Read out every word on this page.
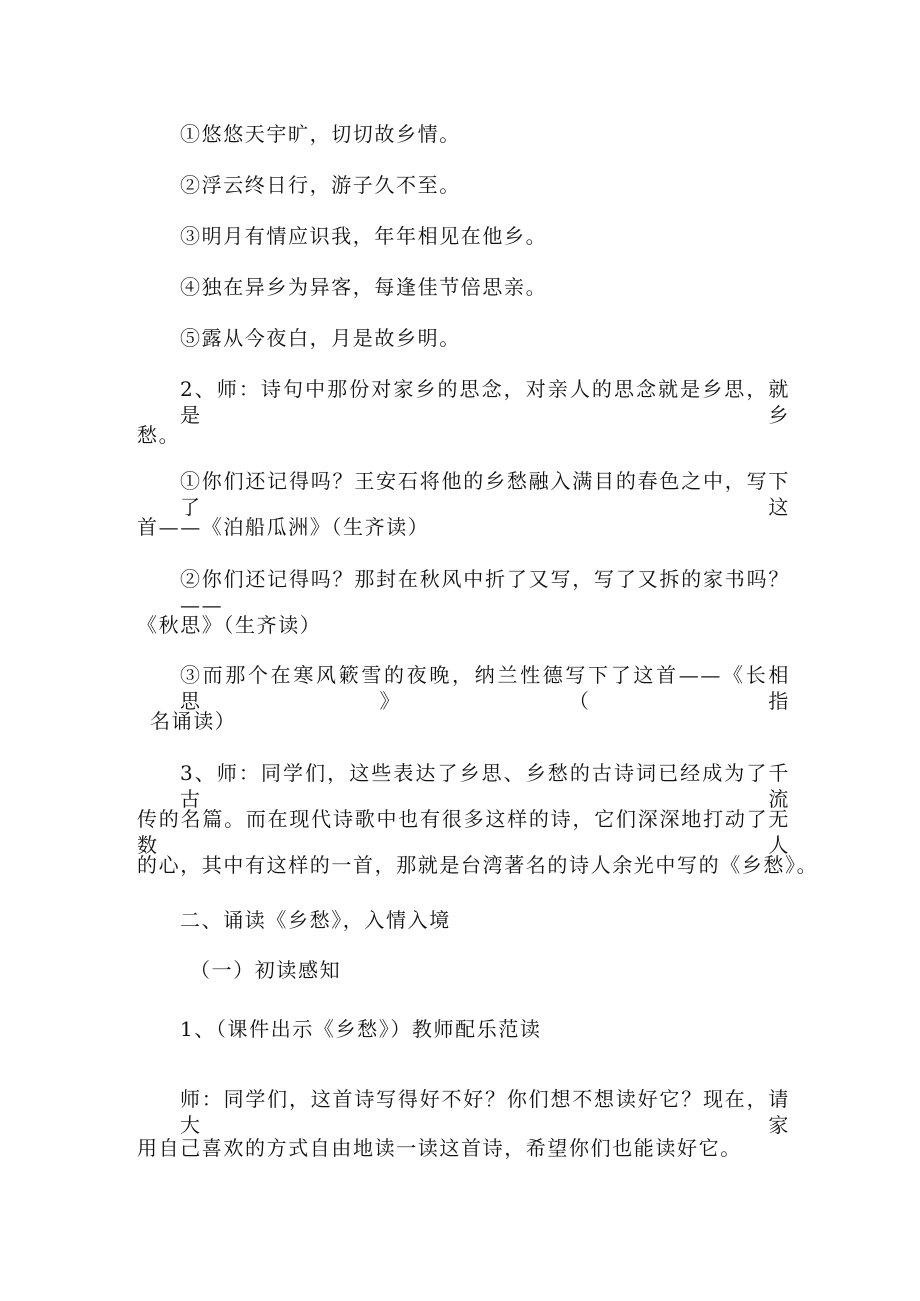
①悠悠天宇旷，切切故乡情。
②浮云终日行，游子久不至。
③明月有情应识我，年年相见在他乡。
④独在异乡为异客，每逢佳节倍思亲。
⑤露从今夜白，月是故乡明。
2、师：诗句中那份对家乡的思念，对亲人的思念就是乡思，就是乡
愁。
①你们还记得吗？王安石将他的乡愁融入满目的春色之中，写下了这
首——《泊船瓜洲》（生齐读）
②你们还记得吗？那封在秋风中折了又写，写了又拆的家书吗？——
《秋思》（生齐读）
③而那个在寒风簌雪的夜晚，纳兰性德写下了这首——《长相思》（指
名诵读）
3、师：同学们，这些表达了乡思、乡愁的古诗词已经成为了千古流
传的名篇。而在现代诗歌中也有很多这样的诗，它们深深地打动了无数人
的心，其中有这样的一首，那就是台湾著名的诗人余光中写的《乡愁》。
二、诵读《乡愁》，入情入境
（一）初读感知
1、（课件出示《乡愁》）教师配乐范读
师：同学们，这首诗写得好不好？你们想不想读好它？现在，请大家
用自己喜欢的方式自由地读一读这首诗，希望你们也能读好它。
